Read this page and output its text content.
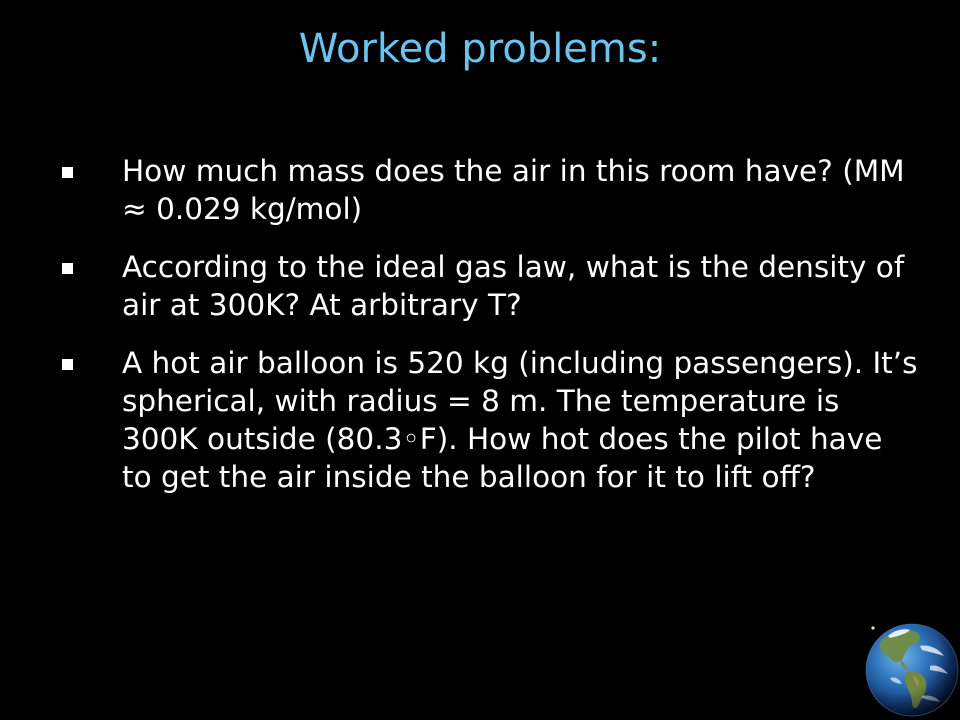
Worked problems:
How much mass does the air in this room have? (MM ≈ 0.029 kg/mol)
According to the ideal gas law, what is the density of air at 300K? At arbitrary T?
A hot air balloon is 520 kg (including passengers). It’s spherical, with radius = 8 m. The temperature is 300K outside (80.3◦F). How hot does the pilot have to get the air inside the balloon for it to lift off?
